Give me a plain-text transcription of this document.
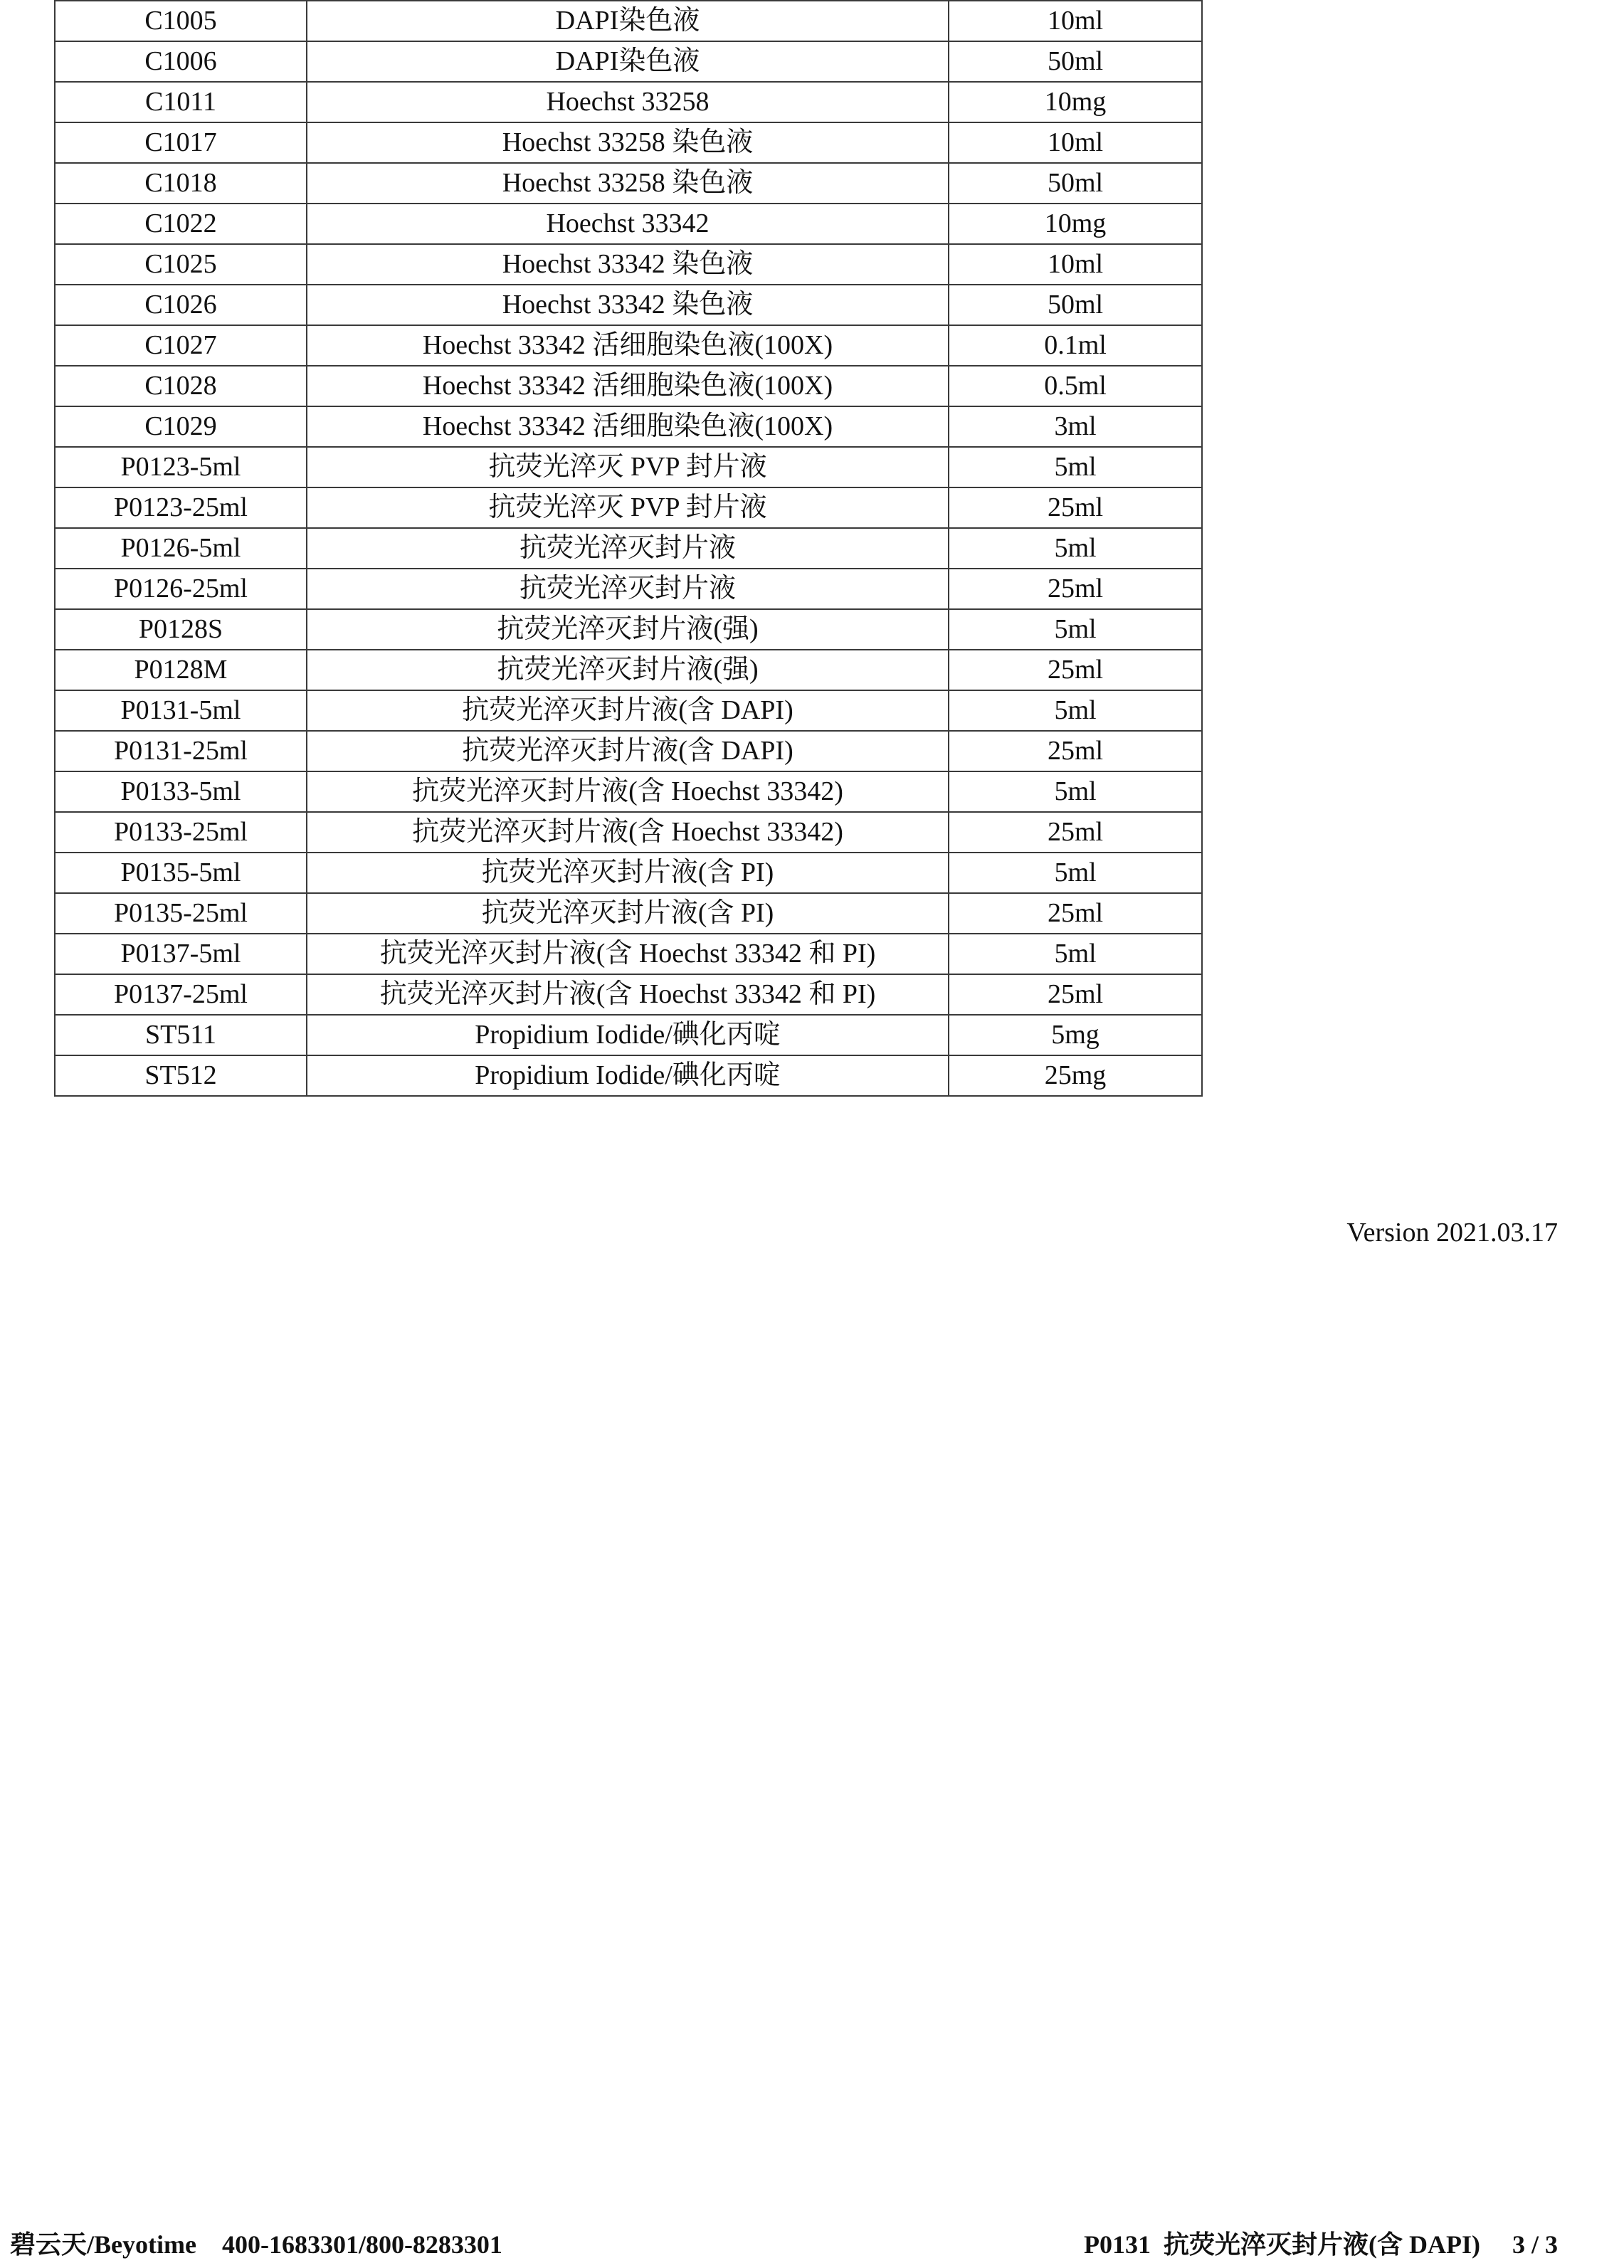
C1005	DAPI染色液	10ml
C1006	DAPI染色液	50ml
C1011	Hoechst 33258	10mg
C1017	Hoechst 33258 染色液	10ml
C1018	Hoechst 33258 染色液	50ml
C1022	Hoechst 33342	10mg
C1025	Hoechst 33342 染色液	10ml
C1026	Hoechst 33342 染色液	50ml
C1027	Hoechst 33342 活细胞染色液(100X)	0.1ml
C1028	Hoechst 33342 活细胞染色液(100X)	0.5ml
C1029	Hoechst 33342 活细胞染色液(100X)	3ml
P0123-5ml	抗荧光淬灭 PVP 封片液	5ml
P0123-25ml	抗荧光淬灭 PVP 封片液	25ml
P0126-5ml	抗荧光淬灭封片液	5ml
P0126-25ml	抗荧光淬灭封片液	25ml
P0128S	抗荧光淬灭封片液(强)	5ml
P0128M	抗荧光淬灭封片液(强)	25ml
P0131-5ml	抗荧光淬灭封片液(含 DAPI)	5ml
P0131-25ml	抗荧光淬灭封片液(含 DAPI)	25ml
P0133-5ml	抗荧光淬灭封片液(含 Hoechst 33342)	5ml
P0133-25ml	抗荧光淬灭封片液(含 Hoechst 33342)	25ml
P0135-5ml	抗荧光淬灭封片液(含 PI)	5ml
P0135-25ml	抗荧光淬灭封片液(含 PI)	25ml
P0137-5ml	抗荧光淬灭封片液(含 Hoechst 33342 和 PI)	5ml
P0137-25ml	抗荧光淬灭封片液(含 Hoechst 33342 和 PI)	25ml
ST511	Propidium Iodide/碘化丙啶	5mg
ST512	Propidium Iodide/碘化丙啶	25mg
Version 2021.03.17
碧云天/Beyotime 400-1683301/800-8283301	P0131 抗荧光淬灭封片液(含 DAPI) 3 / 3
